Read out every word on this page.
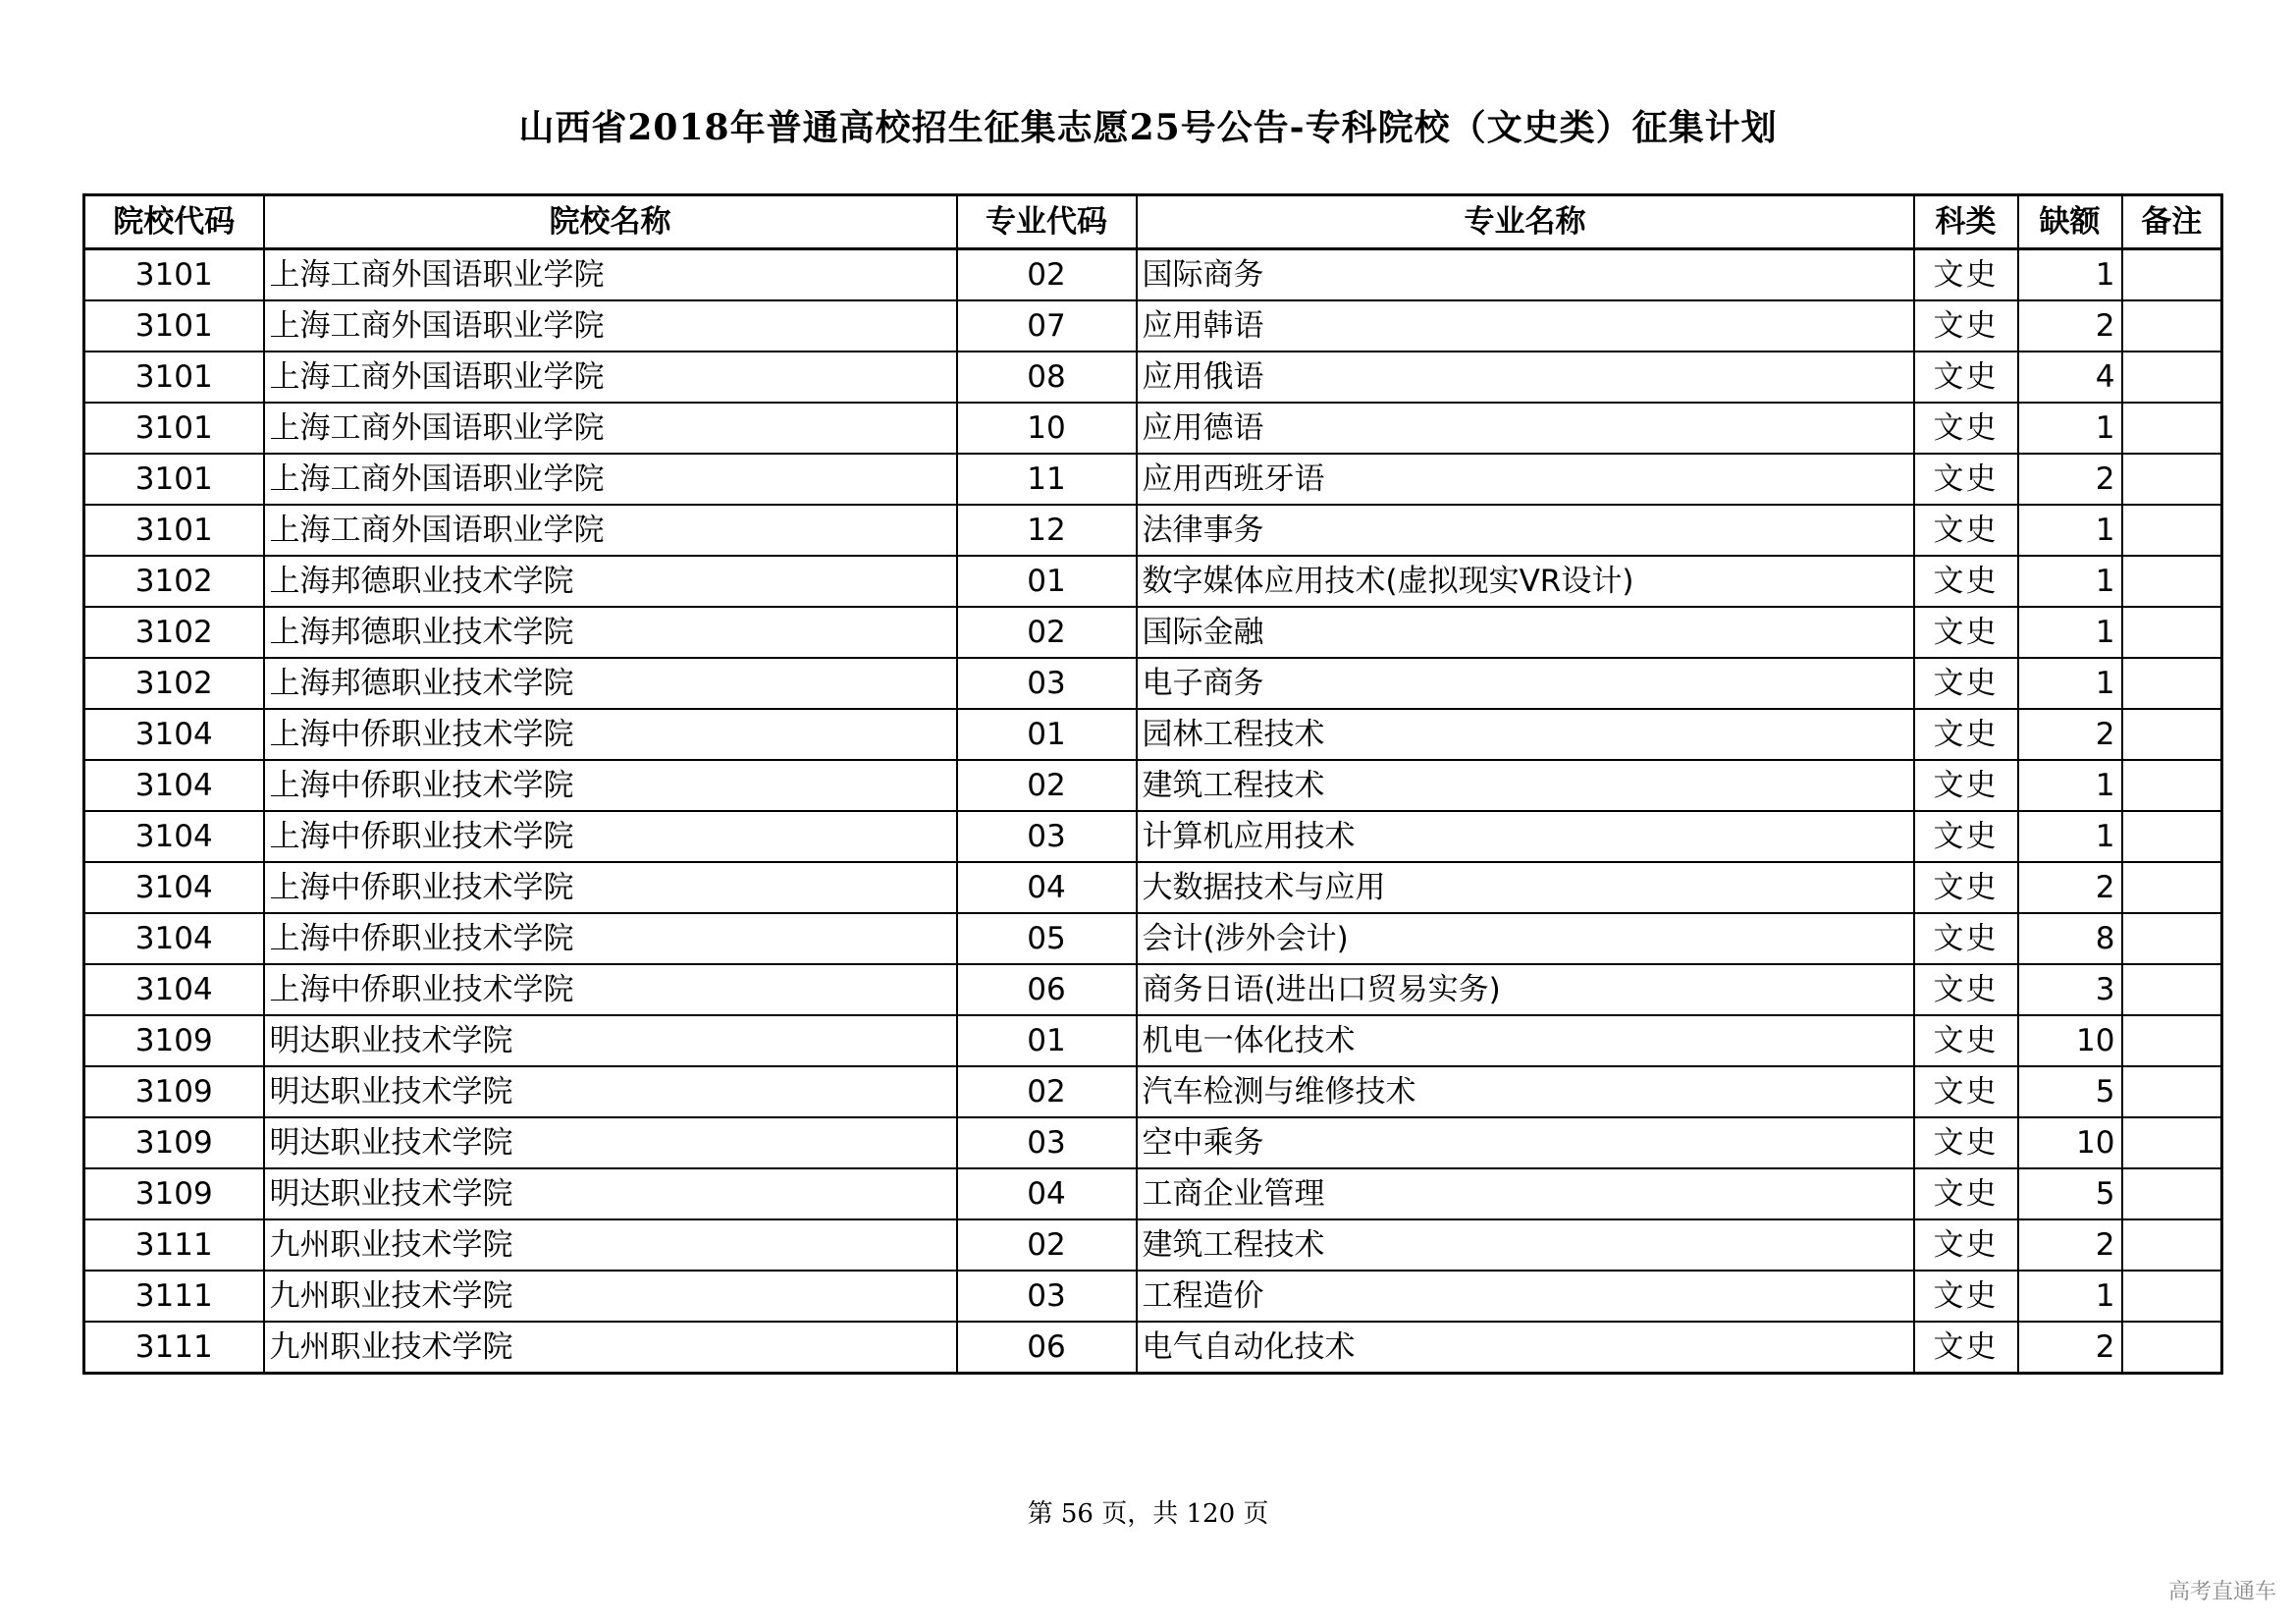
山西省2018年普通高校招生征集志愿25号公告-专科院校（文史类）征集计划
院校代码	院校名称	专业代码	专业名称	科类	缺额	备注
3101	上海工商外国语职业学院	02	国际商务	文史	1	
3101	上海工商外国语职业学院	07	应用韩语	文史	2	
3101	上海工商外国语职业学院	08	应用俄语	文史	4	
3101	上海工商外国语职业学院	10	应用德语	文史	1	
3101	上海工商外国语职业学院	11	应用西班牙语	文史	2	
3101	上海工商外国语职业学院	12	法律事务	文史	1	
3102	上海邦德职业技术学院	01	数字媒体应用技术(虚拟现实VR设计)	文史	1	
3102	上海邦德职业技术学院	02	国际金融	文史	1	
3102	上海邦德职业技术学院	03	电子商务	文史	1	
3104	上海中侨职业技术学院	01	园林工程技术	文史	2	
3104	上海中侨职业技术学院	02	建筑工程技术	文史	1	
3104	上海中侨职业技术学院	03	计算机应用技术	文史	1	
3104	上海中侨职业技术学院	04	大数据技术与应用	文史	2	
3104	上海中侨职业技术学院	05	会计(涉外会计)	文史	8	
3104	上海中侨职业技术学院	06	商务日语(进出口贸易实务)	文史	3	
3109	明达职业技术学院	01	机电一体化技术	文史	10	
3109	明达职业技术学院	02	汽车检测与维修技术	文史	5	
3109	明达职业技术学院	03	空中乘务	文史	10	
3109	明达职业技术学院	04	工商企业管理	文史	5	
3111	九州职业技术学院	02	建筑工程技术	文史	2	
3111	九州职业技术学院	03	工程造价	文史	1	
3111	九州职业技术学院	06	电气自动化技术	文史	2	
第 56 页，共 120 页
高考直通车
